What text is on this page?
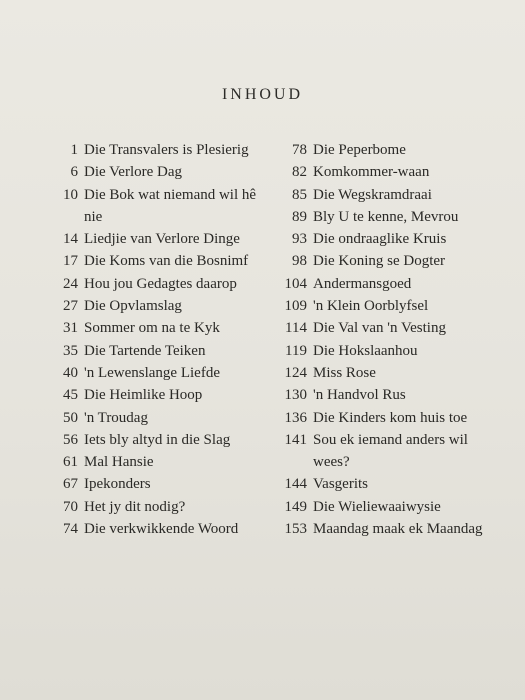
INHOUD
1 Die Transvalers is Plesierig
6 Die Verlore Dag
10 Die Bok wat niemand wil hê nie
14 Liedjie van Verlore Dinge
17 Die Koms van die Bosnimf
24 Hou jou Gedagtes daarop
27 Die Opvlamslag
31 Sommer om na te Kyk
35 Die Tartende Teiken
40 'n Lewenslange Liefde
45 Die Heimlike Hoop
50 'n Troudag
56 Iets bly altyd in die Slag
61 Mal Hansie
67 Ipekonders
70 Het jy dit nodig?
74 Die verkwikkende Woord
78 Die Peperbome
82 Komkommer-waan
85 Die Wegskramdraai
89 Bly U te kenne, Mevrou
93 Die ondraaglike Kruis
98 Die Koning se Dogter
104 Andermansgoed
109 'n Klein Oorblyfsel
114 Die Val van 'n Vesting
119 Die Hokslaanhou
124 Miss Rose
130 'n Handvol Rus
136 Die Kinders kom huis toe
141 Sou ek iemand anders wil wees?
144 Vasgerits
149 Die Wieliewaaiwysie
153 Maandag maak ek Maandag
